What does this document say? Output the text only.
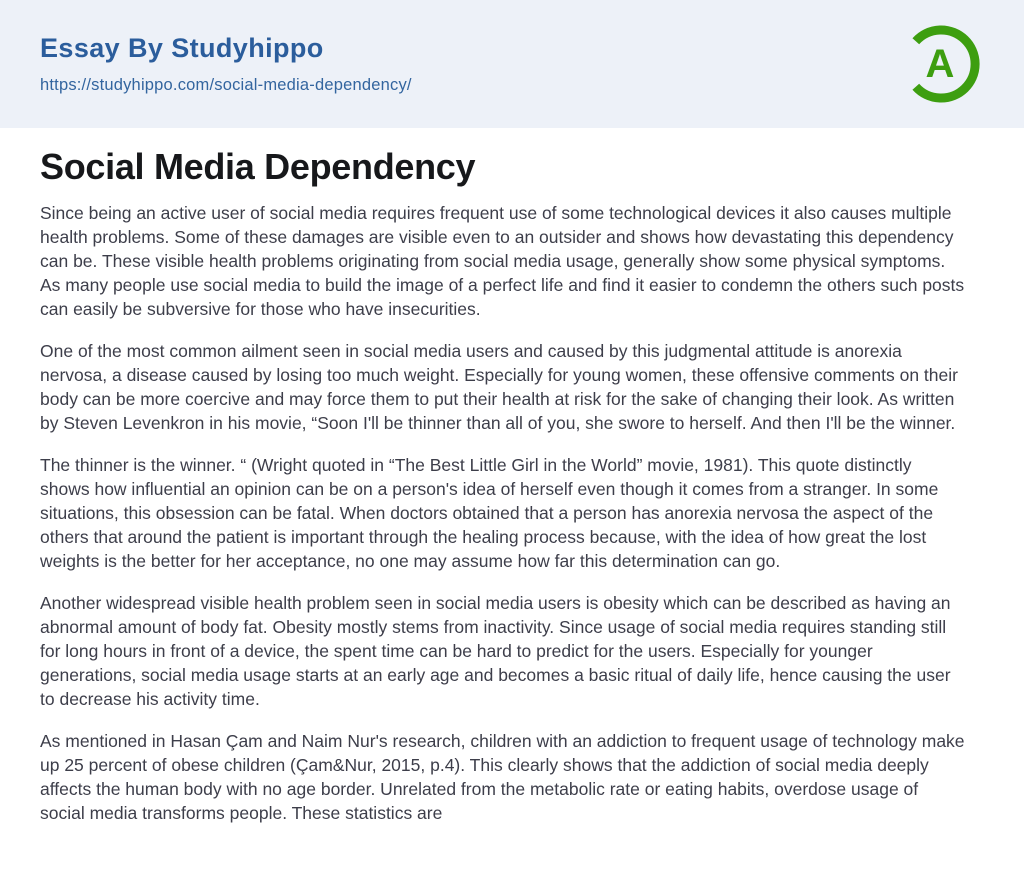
Essay By Studyhippo
https://studyhippo.com/social-media-dependency/	A
Social Media Dependency

Since being an active user of social media requires frequent use of some technological devices it also causes multiple health problems. Some of these damages are visible even to an outsider and shows how devastating this dependency can be. These visible health problems originating from social media usage, generally show some physical symptoms. As many people use social media to build the image of a perfect life and find it easier to condemn the others such posts can easily be subversive for those who have insecurities.

One of the most common ailment seen in social media users and caused by this judgmental attitude is anorexia nervosa, a disease caused by losing too much weight. Especially for young women, these offensive comments on their body can be more coercive and may force them to put their health at risk for the sake of changing their look. As written by Steven Levenkron in his movie, “Soon I'll be thinner than all of you, she swore to herself. And then I'll be the winner.

The thinner is the winner. “ (Wright quoted in “The Best Little Girl in the World” movie, 1981). This quote distinctly shows how influential an opinion can be on a person's idea of herself even though it comes from a stranger. In some situations, this obsession can be fatal. When doctors obtained that a person has anorexia nervosa the aspect of the others that around the patient is important through the healing process because, with the idea of how great the lost weights is the better for her acceptance, no one may assume how far this determination can go.

Another widespread visible health problem seen in social media users is obesity which can be described as having an abnormal amount of body fat. Obesity mostly stems from inactivity. Since usage of social media requires standing still for long hours in front of a device, the spent time can be hard to predict for the users. Especially for younger generations, social media usage starts at an early age and becomes a basic ritual of daily life, hence causing the user to decrease his activity time.

As mentioned in Hasan Çam and Naim Nur's research, children with an addiction to frequent usage of technology make up 25 percent of obese children (Çam&Nur, 2015, p.4). This clearly shows that the addiction of social media deeply affects the human body with no age border. Unrelated from the metabolic rate or eating habits, overdose usage of social media transforms people. These statistics are
